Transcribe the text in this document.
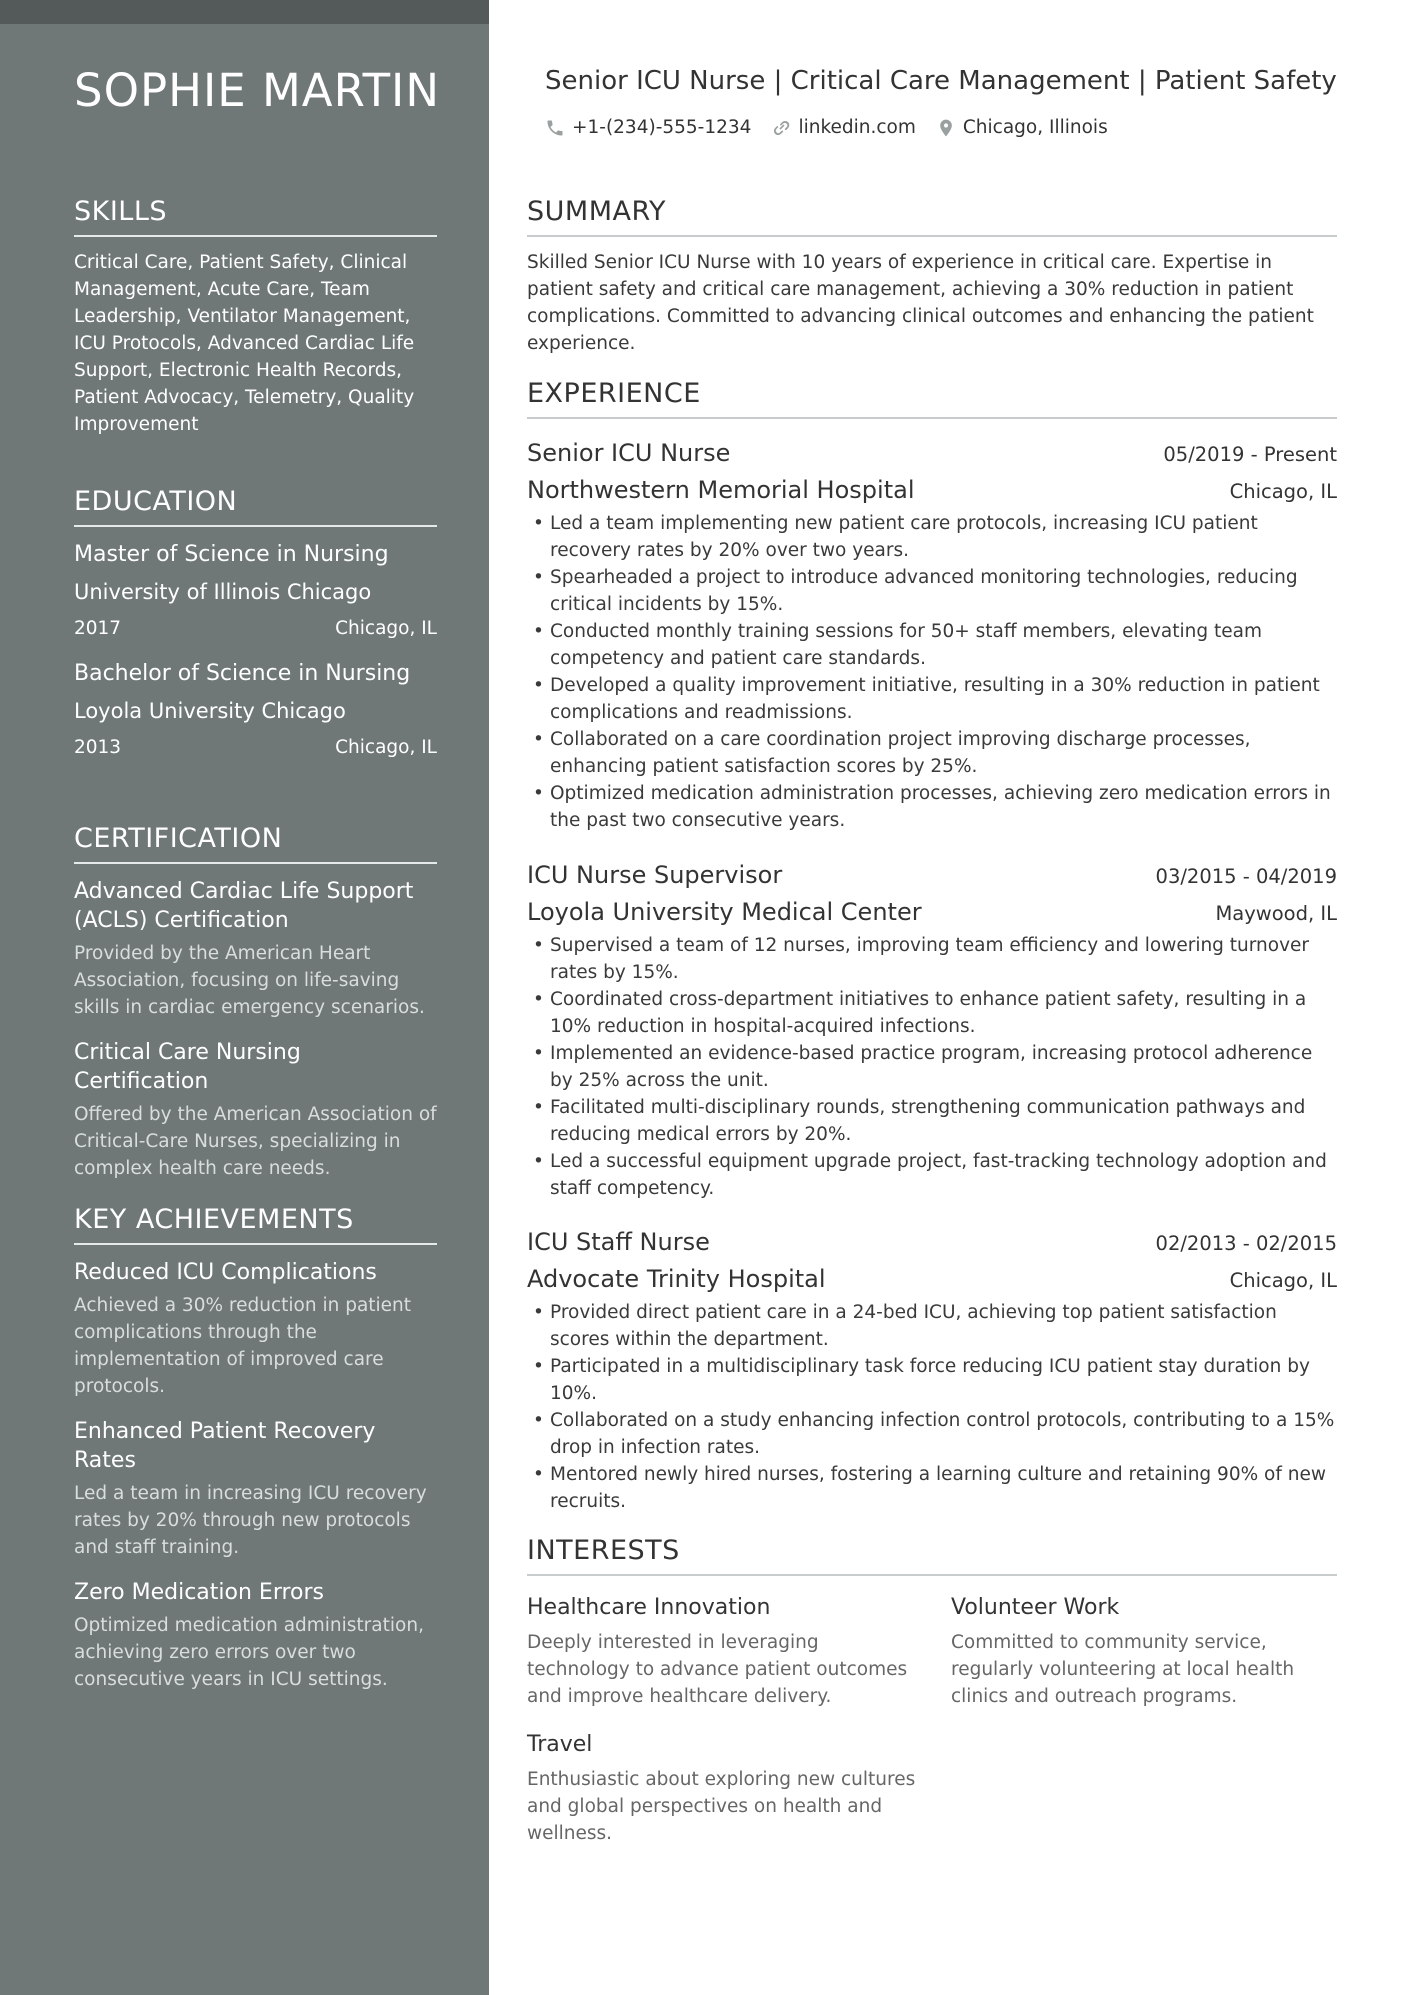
SOPHIE MARTIN
SKILLS
Critical Care, Patient Safety, Clinical Management, Acute Care, Team Leadership, Ventilator Management, ICU Protocols, Advanced Cardiac Life Support, Electronic Health Records, Patient Advocacy, Telemetry, Quality Improvement
EDUCATION
Master of Science in Nursing
University of Illinois Chicago
2017	Chicago, IL
Bachelor of Science in Nursing
Loyola University Chicago
2013	Chicago, IL
CERTIFICATION
Advanced Cardiac Life Support (ACLS) Certification
Provided by the American Heart Association, focusing on life-saving skills in cardiac emergency scenarios.
Critical Care Nursing Certification
Offered by the American Association of Critical-Care Nurses, specializing in complex health care needs.
KEY ACHIEVEMENTS
Reduced ICU Complications
Achieved a 30% reduction in patient complications through the implementation of improved care protocols.
Enhanced Patient Recovery Rates
Led a team in increasing ICU recovery rates by 20% through new protocols and staff training.
Zero Medication Errors
Optimized medication administration, achieving zero errors over two consecutive years in ICU settings.
Senior ICU Nurse | Critical Care Management | Patient Safety
+1-(234)-555-1234	linkedin.com	Chicago, Illinois
SUMMARY
Skilled Senior ICU Nurse with 10 years of experience in critical care. Expertise in patient safety and critical care management, achieving a 30% reduction in patient complications. Committed to advancing clinical outcomes and enhancing the patient experience.
EXPERIENCE
Senior ICU Nurse	05/2019 - Present
Northwestern Memorial Hospital	Chicago, IL
• Led a team implementing new patient care protocols, increasing ICU patient recovery rates by 20% over two years.
• Spearheaded a project to introduce advanced monitoring technologies, reducing critical incidents by 15%.
• Conducted monthly training sessions for 50+ staff members, elevating team competency and patient care standards.
• Developed a quality improvement initiative, resulting in a 30% reduction in patient complications and readmissions.
• Collaborated on a care coordination project improving discharge processes, enhancing patient satisfaction scores by 25%.
• Optimized medication administration processes, achieving zero medication errors in the past two consecutive years.
ICU Nurse Supervisor	03/2015 - 04/2019
Loyola University Medical Center	Maywood, IL
• Supervised a team of 12 nurses, improving team efficiency and lowering turnover rates by 15%.
• Coordinated cross-department initiatives to enhance patient safety, resulting in a 10% reduction in hospital-acquired infections.
• Implemented an evidence-based practice program, increasing protocol adherence by 25% across the unit.
• Facilitated multi-disciplinary rounds, strengthening communication pathways and reducing medical errors by 20%.
• Led a successful equipment upgrade project, fast-tracking technology adoption and staff competency.
ICU Staff Nurse	02/2013 - 02/2015
Advocate Trinity Hospital	Chicago, IL
• Provided direct patient care in a 24-bed ICU, achieving top patient satisfaction scores within the department.
• Participated in a multidisciplinary task force reducing ICU patient stay duration by 10%.
• Collaborated on a study enhancing infection control protocols, contributing to a 15% drop in infection rates.
• Mentored newly hired nurses, fostering a learning culture and retaining 90% of new recruits.
INTERESTS
Healthcare Innovation
Deeply interested in leveraging technology to advance patient outcomes and improve healthcare delivery.
Volunteer Work
Committed to community service, regularly volunteering at local health clinics and outreach programs.
Travel
Enthusiastic about exploring new cultures and global perspectives on health and wellness.
